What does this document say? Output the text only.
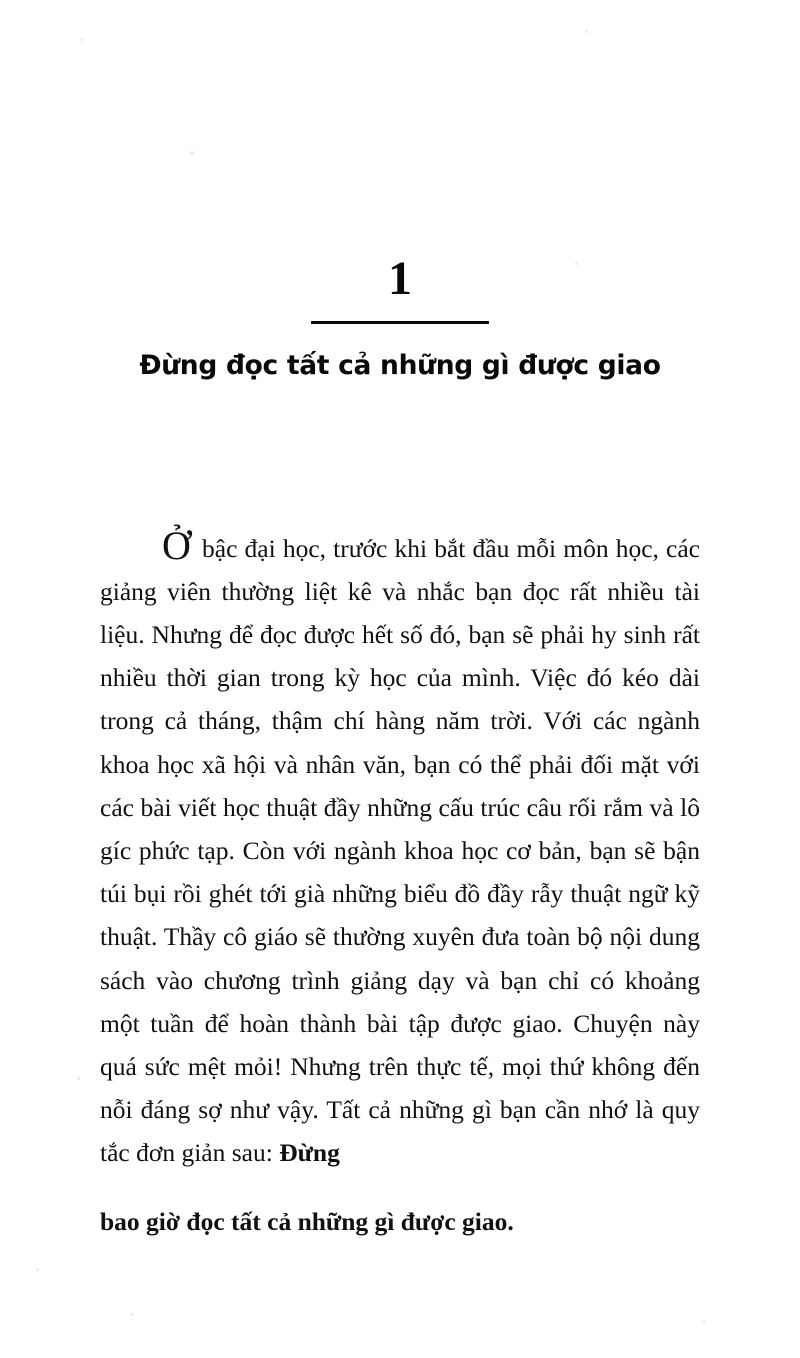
1
Đừng đọc tất cả những gì được giao

Ở bậc đại học, trước khi bắt đầu mỗi môn học, các giảng viên thường liệt kê và nhắc bạn đọc rất nhiều tài liệu. Nhưng để đọc được hết số đó, bạn sẽ phải hy sinh rất nhiều thời gian trong kỳ học của mình. Việc đó kéo dài trong cả tháng, thậm chí hàng năm trời. Với các ngành khoa học xã hội và nhân văn, bạn có thể phải đối mặt với các bài viết học thuật đầy những cấu trúc câu rối rắm và lô gíc phức tạp. Còn với ngành khoa học cơ bản, bạn sẽ bận túi bụi rồi ghét tới già những biểu đồ đầy rẫy thuật ngữ kỹ thuật. Thầy cô giáo sẽ thường xuyên đưa toàn bộ nội dung sách vào chương trình giảng dạy và bạn chỉ có khoảng một tuần để hoàn thành bài tập được giao. Chuyện này quá sức mệt mỏi! Nhưng trên thực tế, mọi thứ không đến nỗi đáng sợ như vậy. Tất cả những gì bạn cần nhớ là quy tắc đơn giản sau: Đừng

bao giờ đọc tất cả những gì được giao.
